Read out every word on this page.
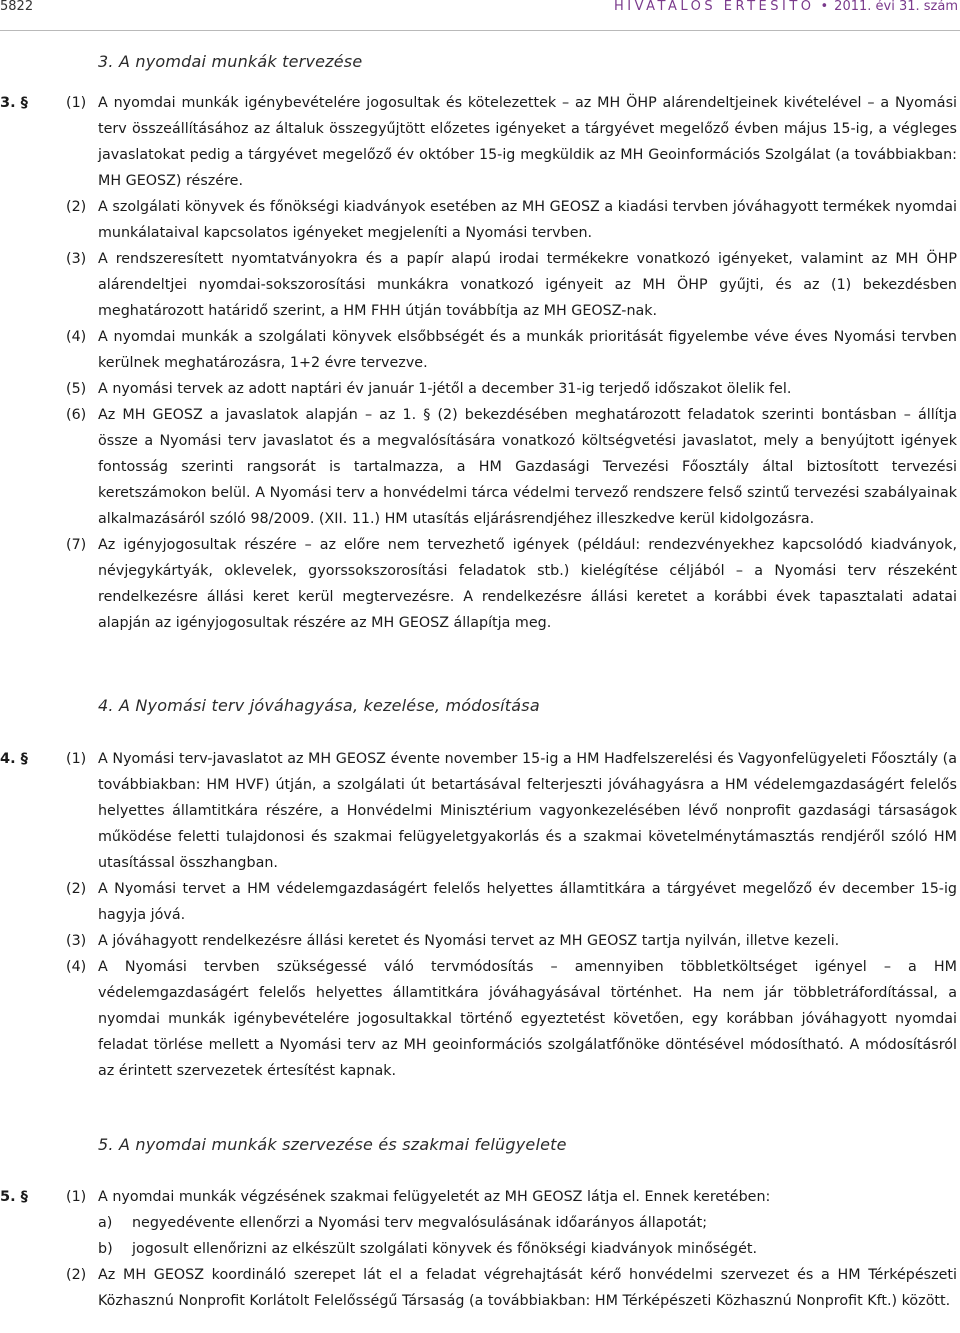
5822	HIVATALOS ÉRTESÍTŐ • 2011. évi 31. szám
3. A nyomdai munkák tervezése
3. §	(1) A nyomdai munkák igénybevételére jogosultak és kötelezettek – az MH ÖHP alárendeltjeinek kivételével – a Nyomási terv összeállításához az általuk összegyűjtött előzetes igényeket a tárgyévet megelőző évben május 15-ig, a végleges javaslatokat pedig a tárgyévet megelőző év október 15-ig megküldik az MH Geoinformációs Szolgálat (a továbbiakban: MH GEOSZ) részére.
(2) A szolgálati könyvek és főnökségi kiadványok esetében az MH GEOSZ a kiadási tervben jóváhagyott termékek nyomdai munkálataival kapcsolatos igényeket megjeleníti a Nyomási tervben.
(3) A rendszeresített nyomtatványokra és a papír alapú irodai termékekre vonatkozó igényeket, valamint az MH ÖHP alárendeltjei nyomdai-sokszorosítási munkákra vonatkozó igényeit az MH ÖHP gyűjti, és az (1) bekezdésben meghatározott határidő szerint, a HM FHH útján továbbítja az MH GEOSZ-nak.
(4) A nyomdai munkák a szolgálati könyvek elsőbbségét és a munkák prioritását figyelembe véve éves Nyomási tervben kerülnek meghatározásra, 1+2 évre tervezve.
(5) A nyomási tervek az adott naptári év január 1-jétől a december 31-ig terjedő időszakot ölelik fel.
(6) Az MH GEOSZ a javaslatok alapján – az 1. § (2) bekezdésében meghatározott feladatok szerinti bontásban – állítja össze a Nyomási terv javaslatot és a megvalósítására vonatkozó költségvetési javaslatot, mely a benyújtott igények fontosság szerinti rangsorát is tartalmazza, a HM Gazdasági Tervezési Főosztály által biztosított tervezési keretszámokon belül. A Nyomási terv a honvédelmi tárca védelmi tervező rendszere felső szintű tervezési szabályainak alkalmazásáról szóló 98/2009. (XII. 11.) HM utasítás eljárásrendjéhez illeszkedve kerül kidolgozásra.
(7) Az igényjogosultak részére – az előre nem tervezhető igények (például: rendezvényekhez kapcsolódó kiadványok, névjegykártyák, oklevelek, gyorssokszorosítási feladatok stb.) kielégítése céljából – a Nyomási terv részeként rendelkezésre állási keret kerül megtervezésre. A rendelkezésre állási keretet a korábbi évek tapasztalati adatai alapján az igényjogosultak részére az MH GEOSZ állapítja meg.
4. A Nyomási terv jóváhagyása, kezelése, módosítása
4. §	(1) A Nyomási terv-javaslatot az MH GEOSZ évente november 15-ig a HM Hadfelszerelési és Vagyonfelügyeleti Főosztály (a továbbiakban: HM HVF) útján, a szolgálati út betartásával felterjeszti jóváhagyásra a HM védelemgazdaságért felelős helyettes államtitkára részére, a Honvédelmi Minisztérium vagyonkezelésében lévő nonprofit gazdasági társaságok működése feletti tulajdonosi és szakmai felügyeletgyakorlás és a szakmai követelménytámasztás rendjéről szóló HM utasítással összhangban.
(2) A Nyomási tervet a HM védelemgazdaságért felelős helyettes államtitkára a tárgyévet megelőző év december 15-ig hagyja jóvá.
(3) A jóváhagyott rendelkezésre állási keretet és Nyomási tervet az MH GEOSZ tartja nyilván, illetve kezeli.
(4) A Nyomási tervben szükségessé váló tervmódosítás – amennyiben többletköltséget igényel – a HM védelemgazdaságért felelős helyettes államtitkára jóváhagyásával történhet. Ha nem jár többletráfordítással, a nyomdai munkák igénybevételére jogosultakkal történő egyeztetést követően, egy korábban jóváhagyott nyomdai feladat törlése mellett a Nyomási terv az MH geoinformációs szolgálatfőnöke döntésével módosítható. A módosításról az érintett szervezetek értesítést kapnak.
5. A nyomdai munkák szervezése és szakmai felügyelete
5. §	(1) A nyomdai munkák végzésének szakmai felügyeletét az MH GEOSZ látja el. Ennek keretében:
a) negyedévente ellenőrzi a Nyomási terv megvalósulásának időarányos állapotát;
b) jogosult ellenőrizni az elkészült szolgálati könyvek és főnökségi kiadványok minőségét.
(2) Az MH GEOSZ koordináló szerepet lát el a feladat végrehajtását kérő honvédelmi szervezet és a HM Térképészeti Közhasznú Nonprofit Korlátolt Felelősségű Társaság (a továbbiakban: HM Térképészeti Közhasznú Nonprofit Kft.) között.
